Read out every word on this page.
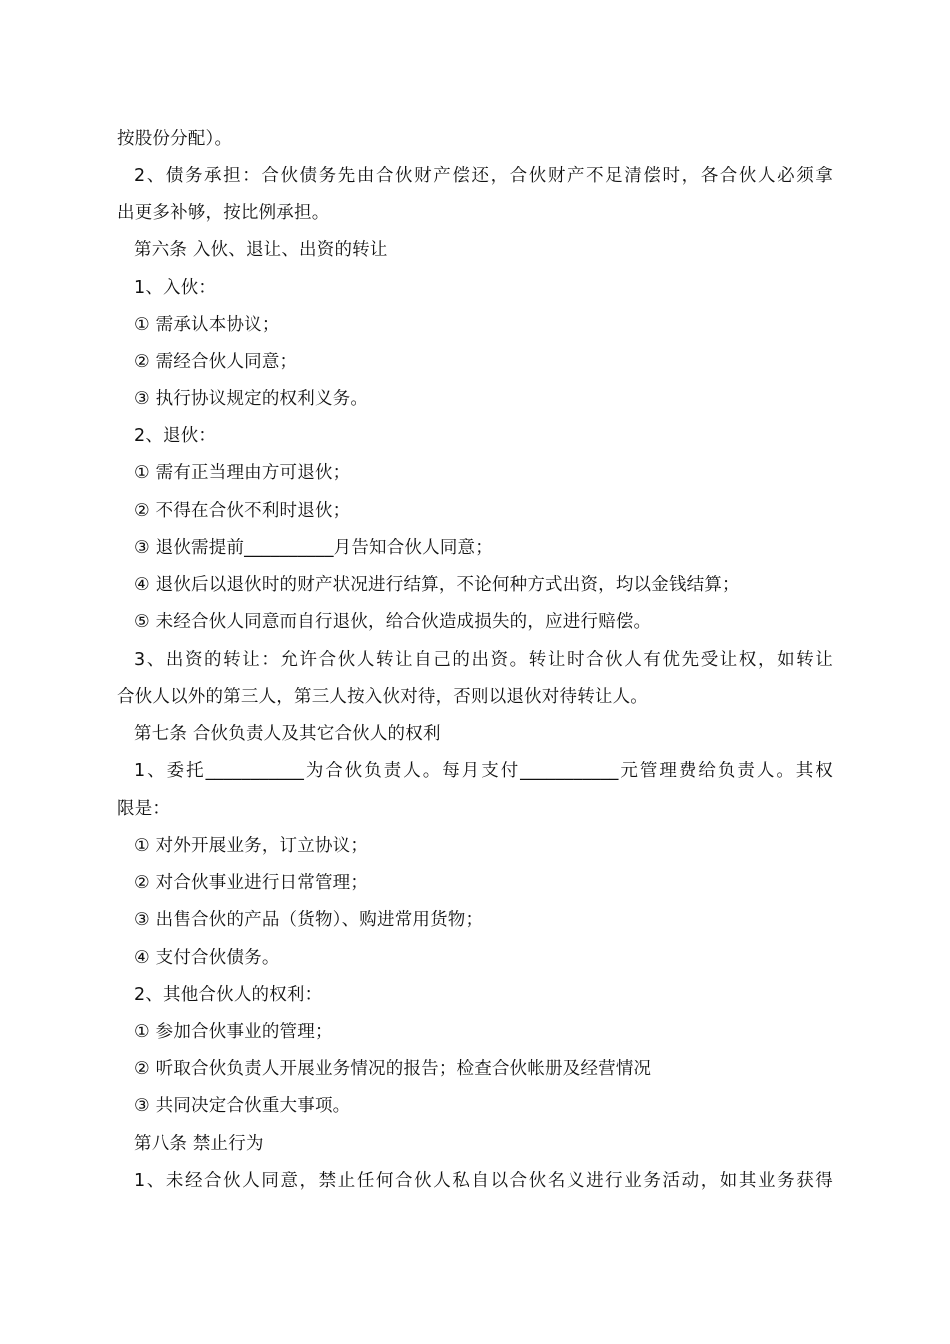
按股份分配）。
2、债务承担：合伙债务先由合伙财产偿还，合伙财产不足清偿时，各合伙人必须拿
出更多补够，按比例承担。
第六条 入伙、退让、出资的转让
1、入伙：
① 需承认本协议；
② 需经合伙人同意；
③ 执行协议规定的权利义务。
2、退伙：
① 需有正当理由方可退伙；
② 不得在合伙不利时退伙；
③ 退伙需提前__________月告知合伙人同意；
④ 退伙后以退伙时的财产状况进行结算，不论何种方式出资，均以金钱结算；
⑤ 未经合伙人同意而自行退伙，给合伙造成损失的，应进行赔偿。
3、出资的转让：允许合伙人转让自己的出资。转让时合伙人有优先受让权，如转让
合伙人以外的第三人，第三人按入伙对待，否则以退伙对待转让人。
第七条 合伙负责人及其它合伙人的权利
1、委托___________为合伙负责人。每月支付___________元管理费给负责人。其权
限是：
① 对外开展业务，订立协议；
② 对合伙事业进行日常管理；
③ 出售合伙的产品（货物）、购进常用货物；
④ 支付合伙债务。
2、其他合伙人的权利：
① 参加合伙事业的管理；
② 听取合伙负责人开展业务情况的报告；检查合伙帐册及经营情况
③ 共同决定合伙重大事项。
第八条 禁止行为
1、未经合伙人同意，禁止任何合伙人私自以合伙名义进行业务活动，如其业务获得
